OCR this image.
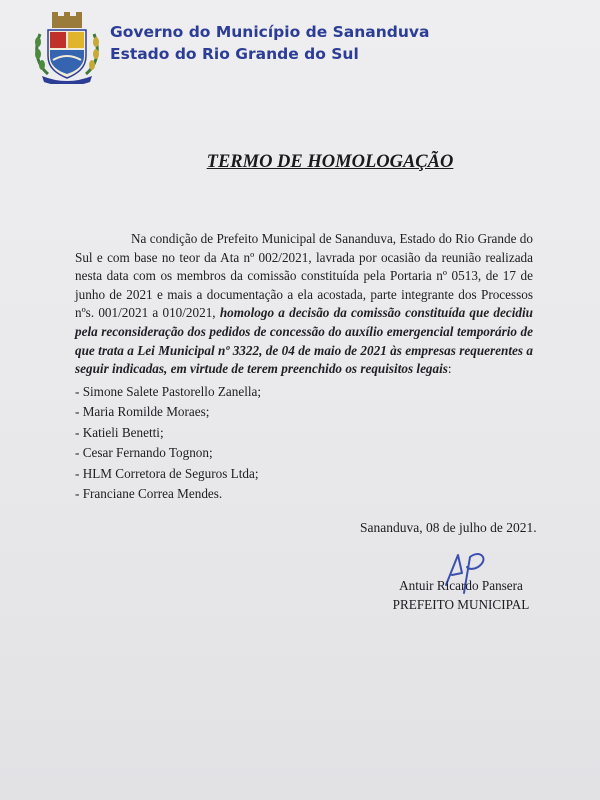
Governo do Município de Sananduva
Estado do Rio Grande do Sul
TERMO DE HOMOLOGAÇÃO

Na condição de Prefeito Municipal de Sananduva, Estado do Rio Grande do Sul e com base no teor da Ata nº 002/2021, lavrada por ocasião da reunião realizada nesta data com os membros da comissão constituída pela Portaria nº 0513, de 17 de junho de 2021 e mais a documentação a ela acostada, parte integrante dos Processos nºs. 001/2021 a 010/2021, homologo a decisão da comissão constituída que decidiu pela reconsideração dos pedidos de concessão do auxílio emergencial temporário de que trata a Lei Municipal nº 3322, de 04 de maio de 2021 às empresas requerentes a seguir indicadas, em virtude de terem preenchido os requisitos legais:

- Simone Salete Pastorello Zanella;
- Maria Romilde Moraes;
- Katieli Benetti;
- Cesar Fernando Tognon;
- HLM Corretora de Seguros Ltda;
- Franciane Correa Mendes.
Sananduva, 08 de julho de 2021.
Antuir Ricardo Pansera
PREFEITO MUNICIPAL
